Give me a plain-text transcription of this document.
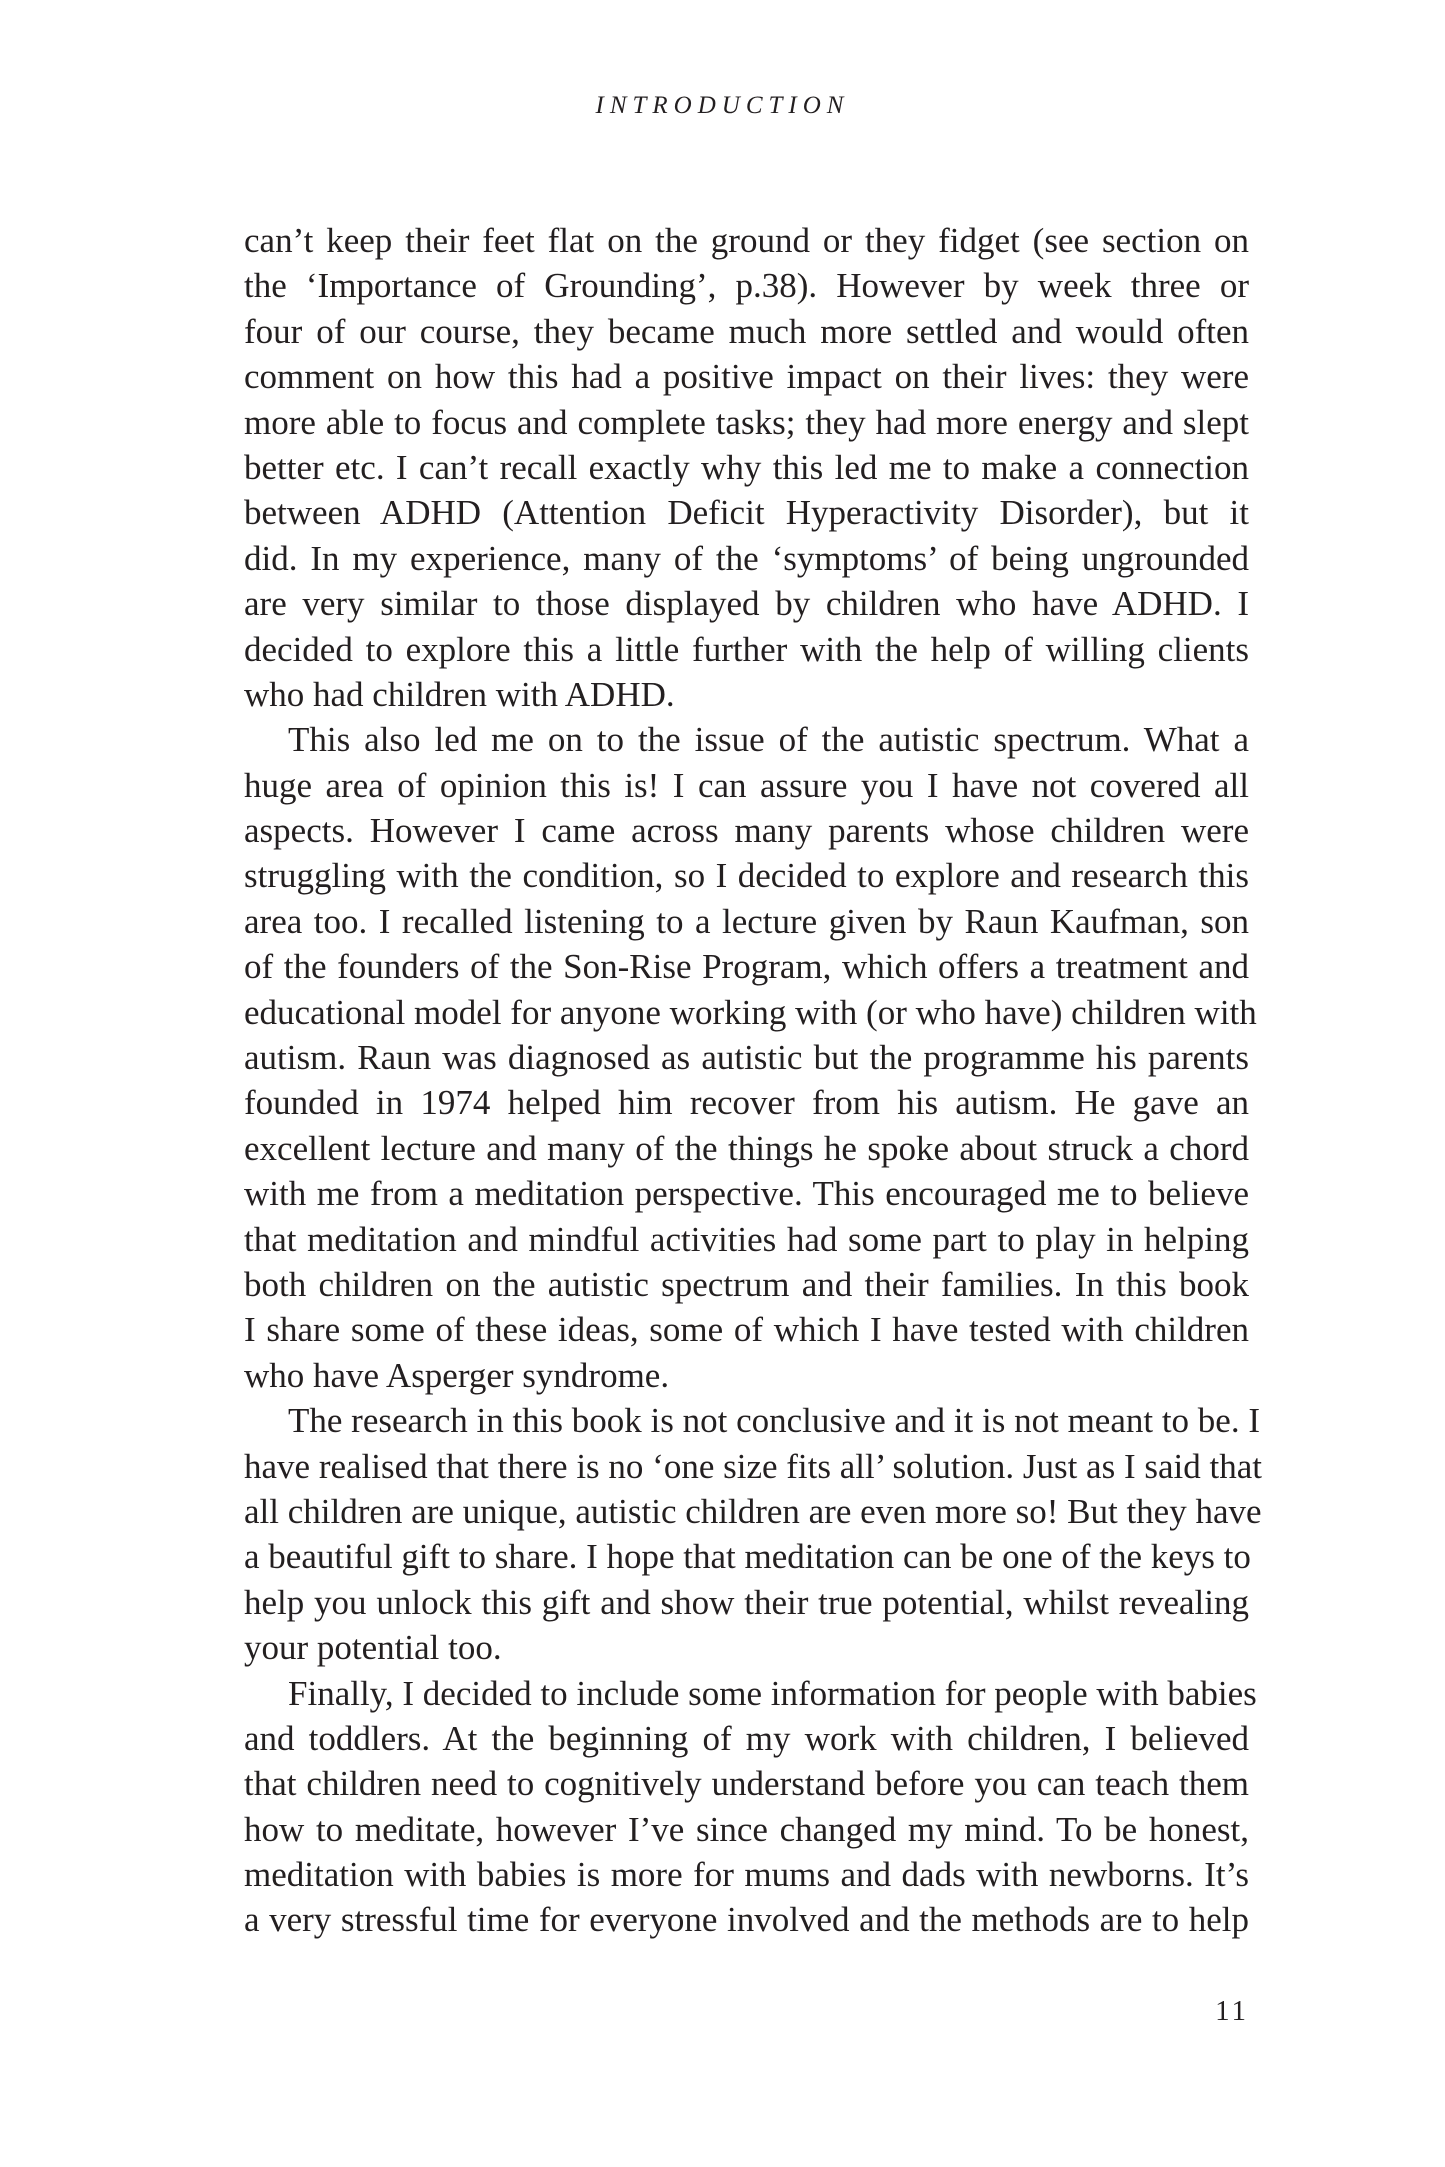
INTRODUCTION
can’t keep their feet flat on the ground or they fidget (see section on
the ‘Importance of Grounding’, p.38). However by week three or
four of our course, they became much more settled and would often
comment on how this had a positive impact on their lives: they were
more able to focus and complete tasks; they had more energy and slept
better etc. I can’t recall exactly why this led me to make a connection
between ADHD (Attention Deficit Hyperactivity Disorder), but it
did. In my experience, many of the ‘symptoms’ of being ungrounded
are very similar to those displayed by children who have ADHD. I
decided to explore this a little further with the help of willing clients
who had children with ADHD.
This also led me on to the issue of the autistic spectrum. What a
huge area of opinion this is! I can assure you I have not covered all
aspects. However I came across many parents whose children were
struggling with the condition, so I decided to explore and research this
area too. I recalled listening to a lecture given by Raun Kaufman, son
of the founders of the Son-Rise Program, which offers a treatment and
educational model for anyone working with (or who have) children with
autism. Raun was diagnosed as autistic but the programme his parents
founded in 1974 helped him recover from his autism. He gave an
excellent lecture and many of the things he spoke about struck a chord
with me from a meditation perspective. This encouraged me to believe
that meditation and mindful activities had some part to play in helping
both children on the autistic spectrum and their families. In this book
I share some of these ideas, some of which I have tested with children
who have Asperger syndrome.
The research in this book is not conclusive and it is not meant to be. I
have realised that there is no ‘one size fits all’ solution. Just as I said that
all children are unique, autistic children are even more so! But they have
a beautiful gift to share. I hope that meditation can be one of the keys to
help you unlock this gift and show their true potential, whilst revealing
your potential too.
Finally, I decided to include some information for people with babies
and toddlers. At the beginning of my work with children, I believed
that children need to cognitively understand before you can teach them
how to meditate, however I’ve since changed my mind. To be honest,
meditation with babies is more for mums and dads with newborns. It’s
a very stressful time for everyone involved and the methods are to help
11
